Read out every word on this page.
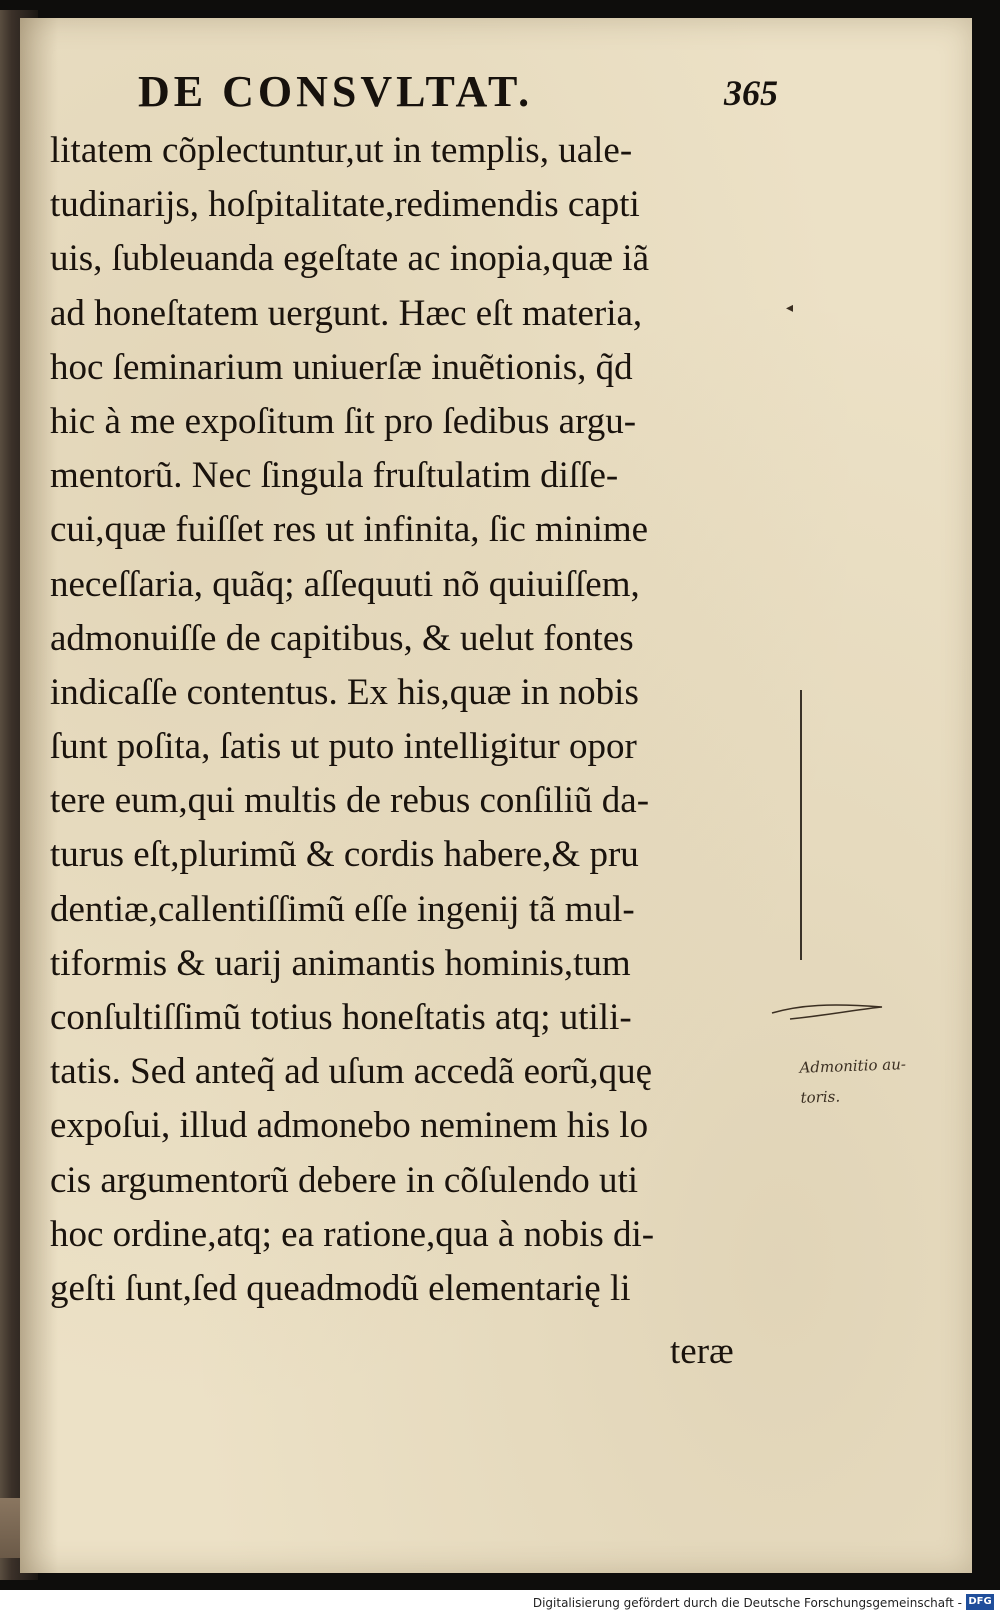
DE CONSVLTAT.	365
litatem cõplectuntur,ut in templis, uale-
tudinarijs, hoſpitalitate,redimendis capti
uis, ſubleuanda egeſtate ac inopia,quæ iã
ad honeſtatem uergunt. Hæc eſt materia,
hoc ſeminarium uniuerſæ inuẽtionis, q̃d
hic à me expoſitum ſit pro ſedibus argu-
mentorũ. Nec ſingula fruſtulatim diſſe-
cui,quæ fuiſſet res ut infinita, ſic minime
neceſſaria, quãq; aſſequuti nõ quiuiſſem,
admonuiſſe de capitibus, & uelut fontes
indicaſſe contentus. Ex his,quæ in nobis
ſunt poſita, ſatis ut puto intelligitur opor
tere eum,qui multis de rebus conſiliũ da-
turus eſt,plurimũ & cordis habere,& pru
dentiæ,callentiſſimũ eſſe ingenij tã mul-
tiformis & uarij animantis hominis,tum
conſultiſſimũ totius honeſtatis atq; utili-
tatis. Sed anteq̃ ad uſum accedã eorũ,quę
expoſui, illud admonebo neminem his lo
cis argumentorũ debere in cõſulendo uti
hoc ordine,atq; ea ratione,qua à nobis di-
geſti ſunt,ſed queadmodũ elementarię li
teræ
◂
Admonitio au-
toris.
Digitalisierung gefördert durch die Deutsche Forschungsgemeinschaft - DFG
